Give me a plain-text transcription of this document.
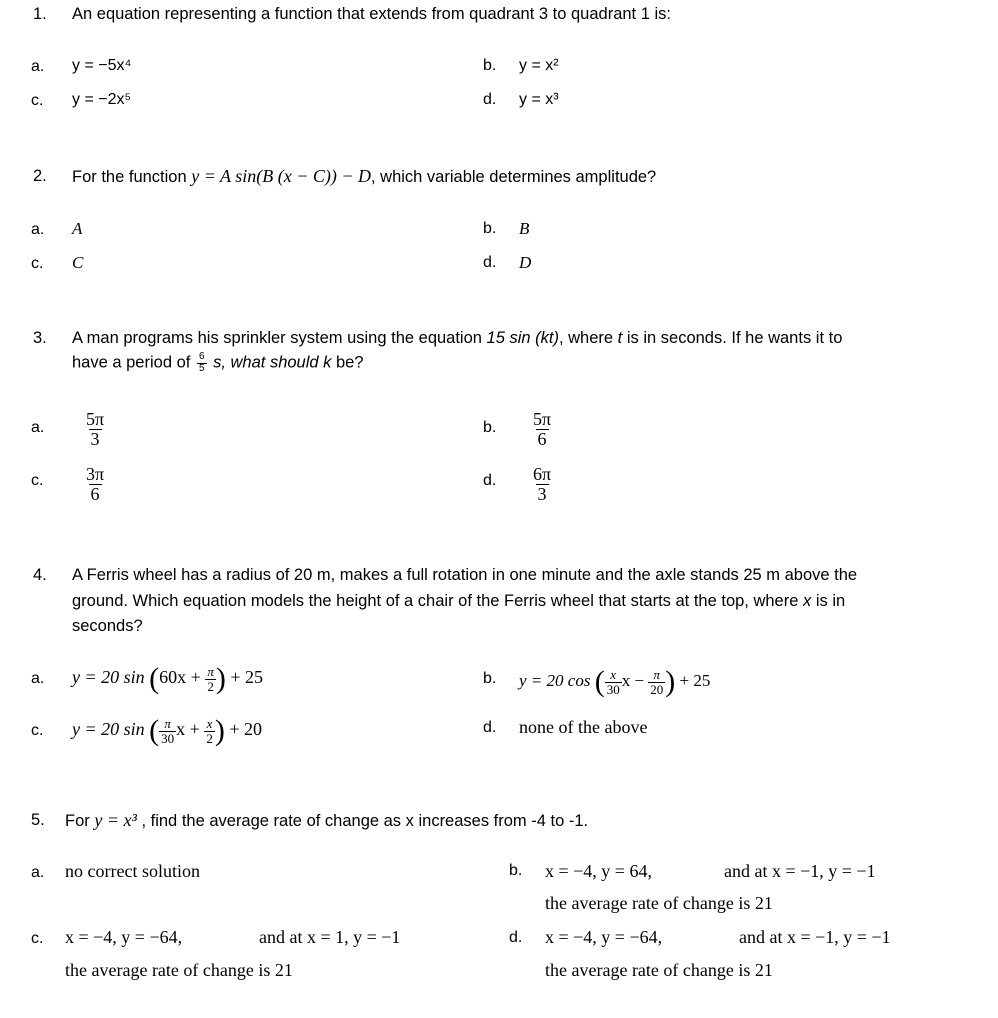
1. An equation representing a function that extends from quadrant 3 to quadrant 1 is:
a. y = −5x⁴	b. y = x²
c. y = −2x⁵	d. y = x³
2. For the function y = A sin(B (x − C)) − D, which variable determines amplitude?
a. A	b. B
c. C	d. D
3. A man programs his sprinkler system using the equation 15 sin (kt), where t is in seconds. If he wants it to
have a period of $\frac{6}{5} s$, what should k be?
a. $\frac{5\pi}{3}$	b. $\frac{5\pi}{6}$
c. $\frac{3\pi}{6}$	d. $\frac{6\pi}{3}$
4. A Ferris wheel has a radius of 20 m, makes a full rotation in one minute and the axle stands 25 m above the
ground. Which equation models the height of a chair of the Ferris wheel that starts at the top, where x is in
seconds?
a. y = 20 $\sin (60x + \frac{\pi}{2}$ ) + 25	b. y = 20 cos ( $\frac{x}{30}$ $x - \frac{\pi}{20}$ ) + 25
c. y = 20 sin ( $\frac{\pi}{30}$ $x + \frac{x}{2}$ ) + 20	d. none of the above
5. For y = x³ , find the average rate of change as x increases from -4 to -1.
a. no correct solution	b. x = −4, y = 64,	and at x = −1, y = −1
the average rate of change is 21
c. x = −4, y = −64,	and at x = 1, y = −1
the average rate of change is 21
d. x = −4, y = −64,	and at x = −1, y = −1
the average rate of change is 21
